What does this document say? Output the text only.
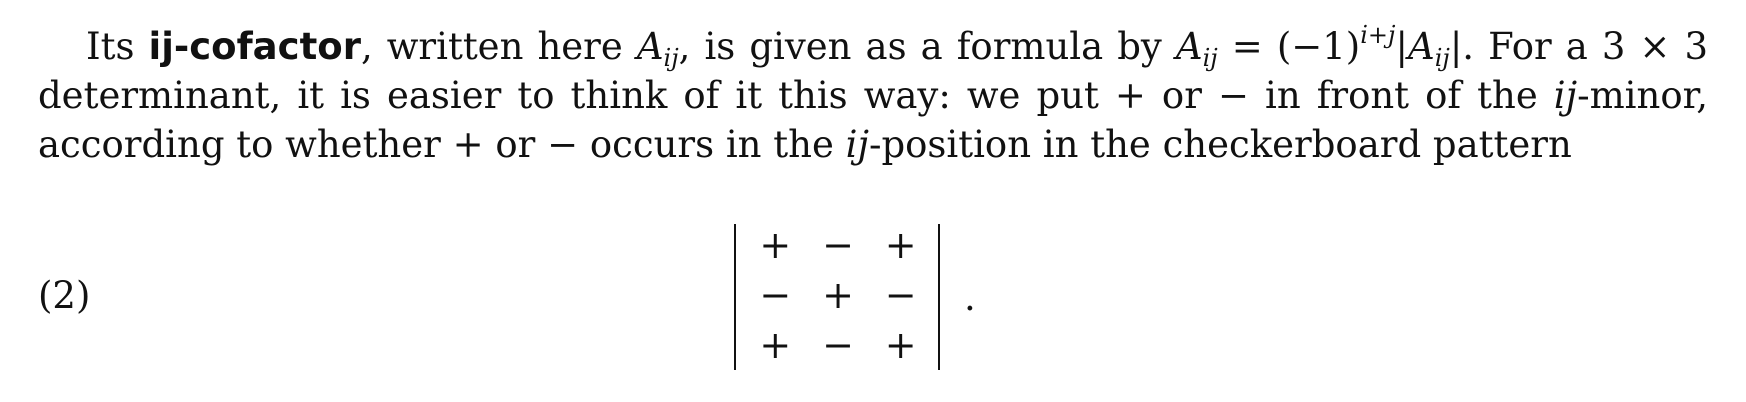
Its ij-cofactor, written here $A_{ij}$, is given as a formula by $A_{ij} = (-1)^{i+j}|A_{ij}|$. For a 3 × 3 determinant, it is easier to think of it this way: we put + or − in front of the ij-minor, according to whether + or − occurs in the ij-position in the checkerboard pattern
(2)
+ − +
− + −
+ − +
.
